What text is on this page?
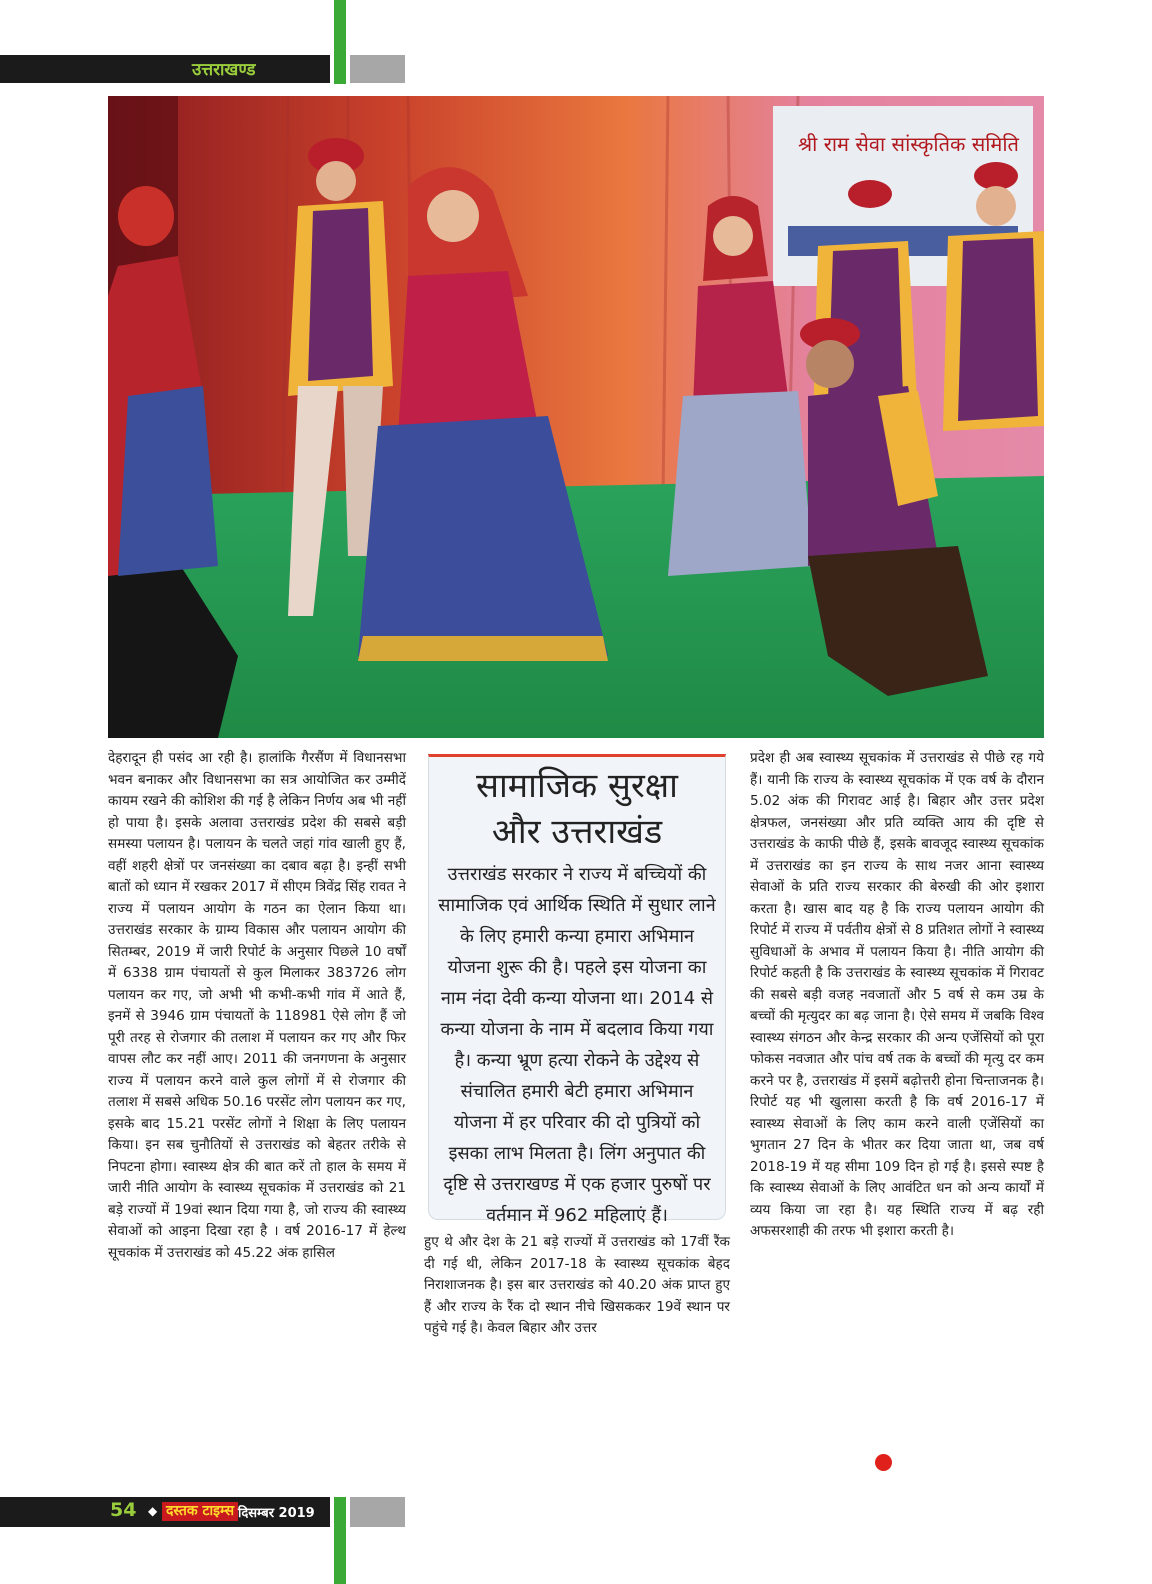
उत्तराखण्ड
श्री राम सेवा सांस्कृतिक समिति

देहरादून ही पसंद आ रही है। हालांकि गैरसैंण में विधानसभा भवन बनाकर और विधानसभा का सत्र आयोजित कर उम्मीदें कायम रखने की कोशिश की गई है लेकिन निर्णय अब भी नहीं हो पाया है। इसके अलावा उत्तराखंड प्रदेश की सबसे बड़ी समस्या पलायन है। पलायन के चलते जहां गांव खाली हुए हैं, वहीं शहरी क्षेत्रों पर जनसंख्या का दबाव बढ़ा है। इन्हीं सभी बातों को ध्यान में रखकर 2017 में सीएम त्रिवेंद्र सिंह रावत ने राज्य में पलायन आयोग के गठन का ऐलान किया था। उत्तराखंड सरकार के ग्राम्य विकास और पलायन आयोग की सितम्बर, 2019 में जारी रिपोर्ट के अनुसार पिछले 10 वर्षों में 6338 ग्राम पंचायतों से कुल मिलाकर 383726 लोग पलायन कर गए, जो अभी भी कभी-कभी गांव में आते हैं, इनमें से 3946 ग्राम पंचायतों के 118981 ऐसे लोग हैं जो पूरी तरह से रोजगार की तलाश में पलायन कर गए और फिर वापस लौट कर नहीं आए। 2011 की जनगणना के अनुसार राज्य में पलायन करने वाले कुल लोगों में से रोजगार की तलाश में सबसे अधिक 50.16 परसेंट लोग पलायन कर गए, इसके बाद 15.21 परसेंट लोगों ने शिक्षा के लिए पलायन किया। इन सब चुनौतियों से उत्तराखंड को बेहतर तरीके से निपटना होगा। स्वास्थ्य क्षेत्र की बात करें तो हाल के समय में जारी नीति आयोग के स्वास्थ्य सूचकांक में उत्तराखंड को 21 बड़े राज्यों में 19वां स्थान दिया गया है, जो राज्य की स्वास्थ्य सेवाओं को आइना दिखा रहा है । वर्ष 2016-17 में हेल्थ सूचकांक में उत्तराखंड को 45.22 अंक हासिल

सामाजिक सुरक्षा
और उत्तराखंड

उत्तराखंड सरकार ने राज्य में बच्चियों की सामाजिक एवं आर्थिक स्थिति में सुधार लाने के लिए हमारी कन्या हमारा अभिमान योजना शुरू की है। पहले इस योजना का नाम नंदा देवी कन्या योजना था। 2014 से कन्या योजना के नाम में बदलाव किया गया है। कन्या भ्रूण हत्या रोकने के उद्देश्य से संचालित हमारी बेटी हमारा अभिमान योजना में हर परिवार की दो पुत्रियों को इसका लाभ मिलता है। लिंग अनुपात की दृष्टि से उत्तराखण्ड में एक हजार पुरुषों पर वर्तमान में 962 महिलाएं हैं।

हुए थे और देश के 21 बड़े राज्यों में उत्तराखंड को 17वीं रैंक दी गई थी, लेकिन 2017-18 के स्वास्थ्य सूचकांक बेहद निराशाजनक है। इस बार उत्तराखंड को 40.20 अंक प्राप्त हुए हैं और राज्य के रैंक दो स्थान नीचे खिसककर 19वें स्थान पर पहुंचे गई है। केवल बिहार और उत्तर

प्रदेश ही अब स्वास्थ्य सूचकांक में उत्तराखंड से पीछे रह गये हैं। यानी कि राज्य के स्वास्थ्य सूचकांक में एक वर्ष के दौरान 5.02 अंक की गिरावट आई है। बिहार और उत्तर प्रदेश क्षेत्रफल, जनसंख्या और प्रति व्यक्ति आय की दृष्टि से उत्तराखंड के काफी पीछे हैं, इसके बावजूद स्वास्थ्य सूचकांक में उत्तराखंड का इन राज्य के साथ नजर आना स्वास्थ्य सेवाओं के प्रति राज्य सरकार की बेरुखी की ओर इशारा करता है। खास बाद यह है कि राज्य पलायन आयोग की रिपोर्ट में राज्य में पर्वतीय क्षेत्रों से 8 प्रतिशत लोगों ने स्वास्थ्य सुविधाओं के अभाव में पलायन किया है। नीति आयोग की रिपोर्ट कहती है कि उत्तराखंड के स्वास्थ्य सूचकांक में गिरावट की सबसे बड़ी वजह नवजातों और 5 वर्ष से कम उम्र के बच्चों की मृत्युदर का बढ़ जाना है। ऐसे समय में जबकि विश्व स्वास्थ्य संगठन और केन्द्र सरकार की अन्य एजेंसियों को पूरा फोकस नवजात और पांच वर्ष तक के बच्चों की मृत्यु दर कम करने पर है, उत्तराखंड में इसमें बढ़ोत्तरी होना चिन्ताजनक है। रिपोर्ट यह भी खुलासा करती है कि वर्ष 2016-17 में स्वास्थ्य सेवाओं के लिए काम करने वाली एजेंसियों का भुगतान 27 दिन के भीतर कर दिया जाता था, जब वर्ष 2018-19 में यह सीमा 109 दिन हो गई है। इससे स्पष्ट है कि स्वास्थ्य सेवाओं के लिए आवंटित धन को अन्य कार्यों में व्यय किया जा रहा है। यह स्थिति राज्य में बढ़ रही अफसरशाही की तरफ भी इशारा करती है।

54 ◆ दस्तक टाइम्स दिसम्बर 2019
